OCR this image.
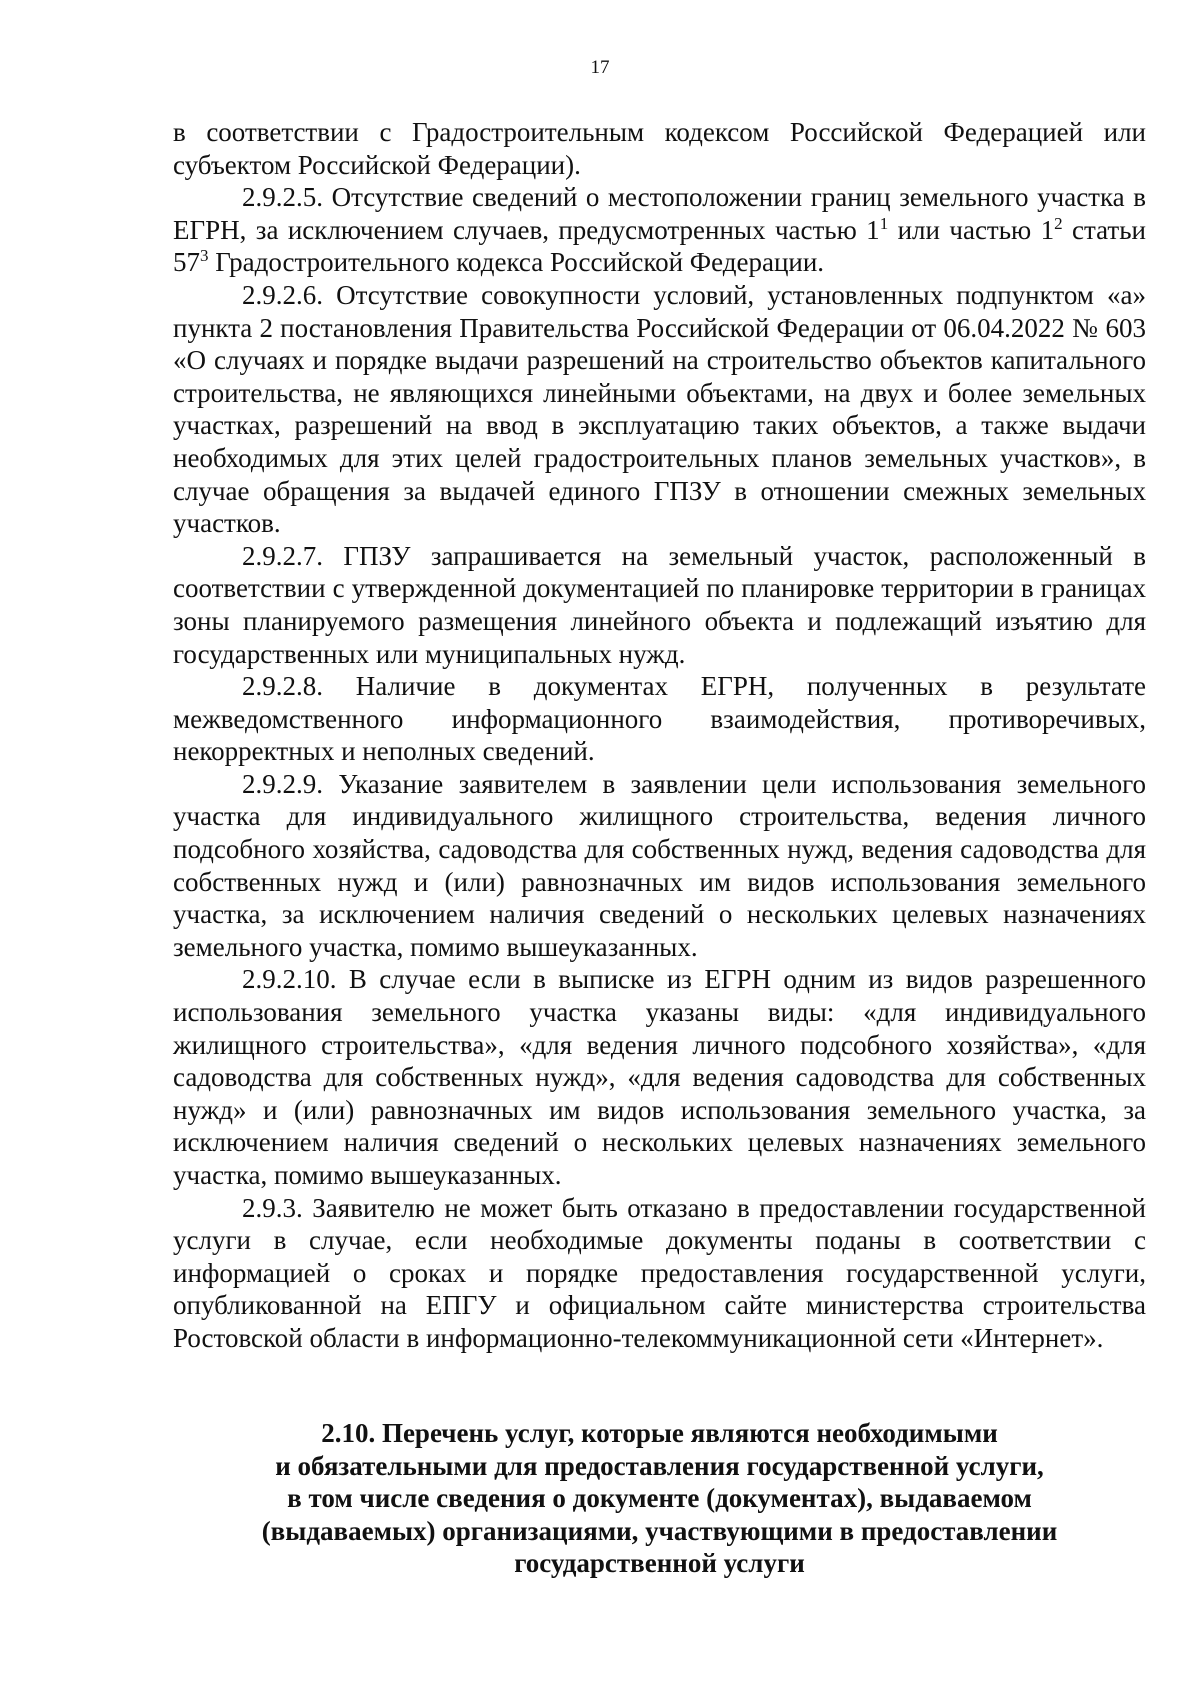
17

в соответствии с Градостроительным кодексом Российской Федерацией или субъектом Российской Федерации).

2.9.2.5. Отсутствие сведений о местоположении границ земельного участка в ЕГРН, за исключением случаев, предусмотренных частью $1^1$ или частью $1^2$ статьи $57^3$ Градостроительного кодекса Российской Федерации.

2.9.2.6. Отсутствие совокупности условий, установленных подпунктом «а» пункта 2 постановления Правительства Российской Федерации от 06.04.2022 № 603 «О случаях и порядке выдачи разрешений на строительство объектов капитального строительства, не являющихся линейными объектами, на двух и более земельных участках, разрешений на ввод в эксплуатацию таких объектов, а также выдачи необходимых для этих целей градостроительных планов земельных участков», в случае обращения за выдачей единого ГПЗУ в отношении смежных земельных участков.

2.9.2.7. ГПЗУ запрашивается на земельный участок, расположенный в соответствии с утвержденной документацией по планировке территории в границах зоны планируемого размещения линейного объекта и подлежащий изъятию для государственных или муниципальных нужд.

2.9.2.8. Наличие в документах ЕГРН, полученных в результате межведомственного информационного взаимодействия, противоречивых, некорректных и неполных сведений.

2.9.2.9. Указание заявителем в заявлении цели использования земельного участка для индивидуального жилищного строительства, ведения личного подсобного хозяйства, садоводства для собственных нужд, ведения садоводства для собственных нужд и (или) равнозначных им видов использования земельного участка, за исключением наличия сведений о нескольких целевых назначениях земельного участка, помимо вышеуказанных.

2.9.2.10. В случае если в выписке из ЕГРН одним из видов разрешенного использования земельного участка указаны виды: «для индивидуального жилищного строительства», «для ведения личного подсобного хозяйства», «для садоводства для собственных нужд», «для ведения садоводства для собственных нужд» и (или) равнозначных им видов использования земельного участка, за исключением наличия сведений о нескольких целевых назначениях земельного участка, помимо вышеуказанных.

2.9.3. Заявителю не может быть отказано в предоставлении государственной услуги в случае, если необходимые документы поданы в соответствии с информацией о сроках и порядке предоставления государственной услуги, опубликованной на ЕПГУ и официальном сайте министерства строительства Ростовской области в информационно-телекоммуникационной сети «Интернет».

2.10. Перечень услуг, которые являются необходимыми
и обязательными для предоставления государственной услуги,
в том числе сведения о документе (документах), выдаваемом
(выдаваемых) организациями, участвующими в предоставлении
государственной услуги
